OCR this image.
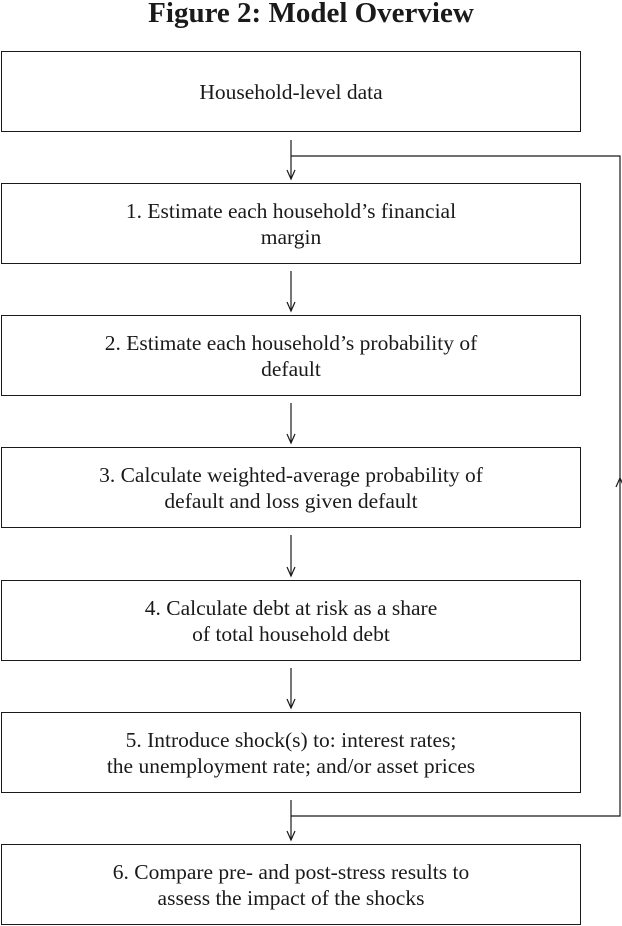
Figure 2: Model Overview
Household-level data
1. Estimate each household’s financial
margin
2. Estimate each household’s probability of
default
3. Calculate weighted-average probability of
default and loss given default
4. Calculate debt at risk as a share
of total household debt
5. Introduce shock(s) to: interest rates;
the unemployment rate; and/or asset prices
6. Compare pre- and post-stress results to
assess the impact of the shocks
